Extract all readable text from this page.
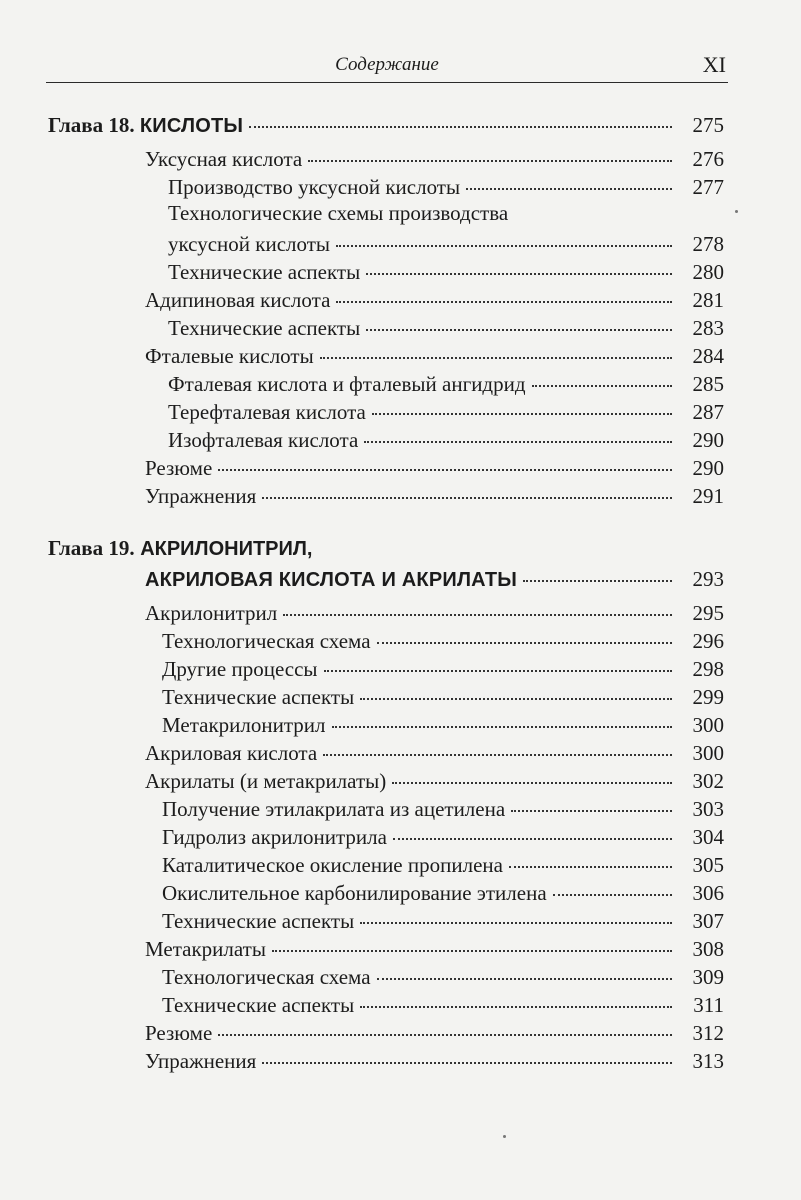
Содержание	XI
Глава 18. КИСЛОТЫ	275
Уксусная кислота	276
Производство уксусной кислоты	277
Технологические схемы производства
уксусной кислоты	278
Технические аспекты	280
Адипиновая кислота	281
Технические аспекты	283
Фталевые кислоты	284
Фталевая кислота и фталевый ангидрид	285
Терефталевая кислота	287
Изофталевая кислота	290
Резюме	290
Упражнения	291
Глава 19. АКРИЛОНИТРИЛ,
АКРИЛОВАЯ КИСЛОТА И АКРИЛАТЫ	293
Акрилонитрил	295
Технологическая схема	296
Другие процессы	298
Технические аспекты	299
Метакрилонитрил	300
Акриловая кислота	300
Акрилаты (и метакрилаты)	302
Получение этилакрилата из ацетилена	303
Гидролиз акрилонитрила	304
Каталитическое окисление пропилена	305
Окислительное карбонилирование этилена	306
Технические аспекты	307
Метакрилаты	308
Технологическая схема	309
Технические аспекты	311
Резюме	312
Упражнения	313
